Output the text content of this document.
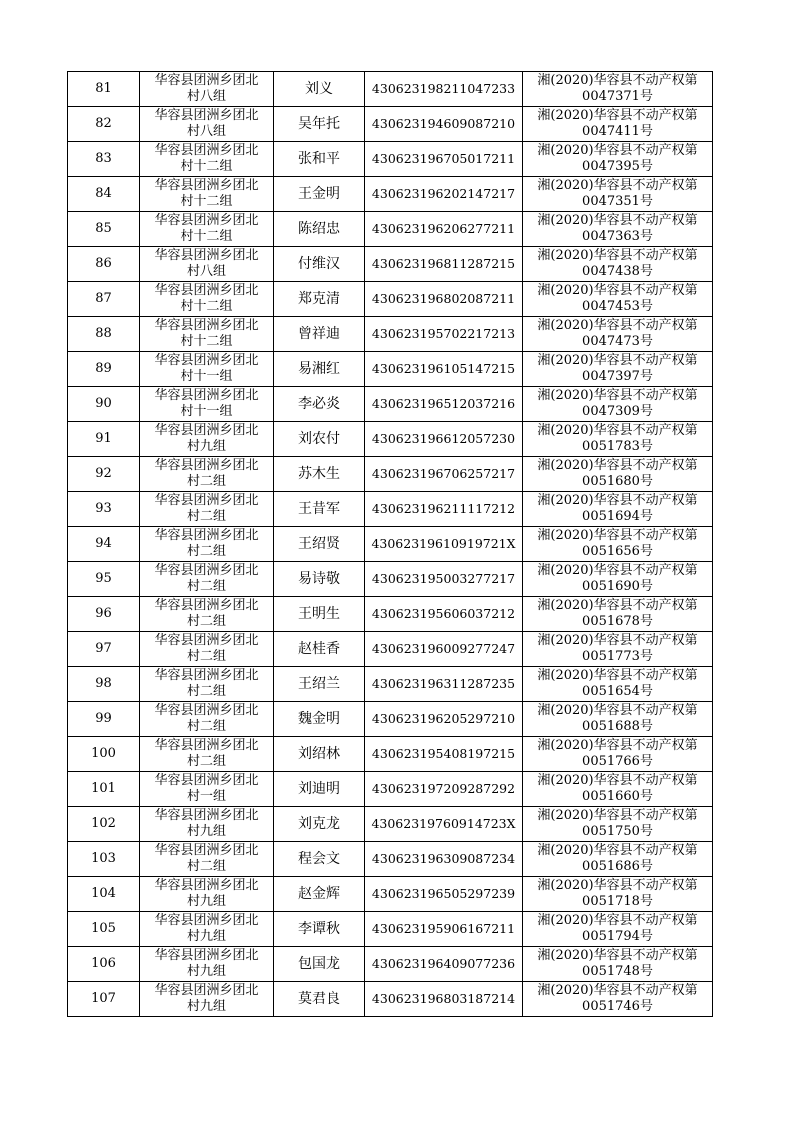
81	华容县团洲乡团北
村八组	刘义	430623198211047233	湘(2020)华容县不动产权第
0047371号

82	华容县团洲乡团北
村八组	吴年托	430623194609087210	湘(2020)华容县不动产权第
0047411号

83	华容县团洲乡团北
村十二组	张和平	430623196705017211	湘(2020)华容县不动产权第
0047395号

84	华容县团洲乡团北
村十二组	王金明	430623196202147217	湘(2020)华容县不动产权第
0047351号

85	华容县团洲乡团北
村十二组	陈绍忠	430623196206277211	湘(2020)华容县不动产权第
0047363号

86	华容县团洲乡团北
村八组	付维汉	430623196811287215	湘(2020)华容县不动产权第
0047438号

87	华容县团洲乡团北
村十二组	郑克清	430623196802087211	湘(2020)华容县不动产权第
0047453号

88	华容县团洲乡团北
村十二组	曾祥迪	430623195702217213	湘(2020)华容县不动产权第
0047473号

89	华容县团洲乡团北
村十一组	易湘红	430623196105147215	湘(2020)华容县不动产权第
0047397号

90	华容县团洲乡团北
村十一组	李必炎	430623196512037216	湘(2020)华容县不动产权第
0047309号

91	华容县团洲乡团北
村九组	刘农付	430623196612057230	湘(2020)华容县不动产权第
0051783号

92	华容县团洲乡团北
村二组	苏木生	430623196706257217	湘(2020)华容县不动产权第
0051680号

93	华容县团洲乡团北
村二组	王昔军	430623196211117212	湘(2020)华容县不动产权第
0051694号

94	华容县团洲乡团北
村二组	王绍贤	43062319610919721X	湘(2020)华容县不动产权第
0051656号

95	华容县团洲乡团北
村二组	易诗敬	430623195003277217	湘(2020)华容县不动产权第
0051690号

96	华容县团洲乡团北
村二组	王明生	430623195606037212	湘(2020)华容县不动产权第
0051678号

97	华容县团洲乡团北
村二组	赵桂香	430623196009277247	湘(2020)华容县不动产权第
0051773号

98	华容县团洲乡团北
村二组	王绍兰	430623196311287235	湘(2020)华容县不动产权第
0051654号

99	华容县团洲乡团北
村二组	魏金明	430623196205297210	湘(2020)华容县不动产权第
0051688号

100	华容县团洲乡团北
村二组	刘绍林	430623195408197215	湘(2020)华容县不动产权第
0051766号

101	华容县团洲乡团北
村一组	刘迪明	430623197209287292	湘(2020)华容县不动产权第
0051660号

102	华容县团洲乡团北
村九组	刘克龙	43062319760914723X	湘(2020)华容县不动产权第
0051750号

103	华容县团洲乡团北
村二组	程会文	430623196309087234	湘(2020)华容县不动产权第
0051686号

104	华容县团洲乡团北
村九组	赵金辉	430623196505297239	湘(2020)华容县不动产权第
0051718号

105	华容县团洲乡团北
村九组	李谭秋	430623195906167211	湘(2020)华容县不动产权第
0051794号

106	华容县团洲乡团北
村九组	包国龙	430623196409077236	湘(2020)华容县不动产权第
0051748号

107	华容县团洲乡团北
村九组	莫君良	430623196803187214	湘(2020)华容县不动产权第
0051746号
